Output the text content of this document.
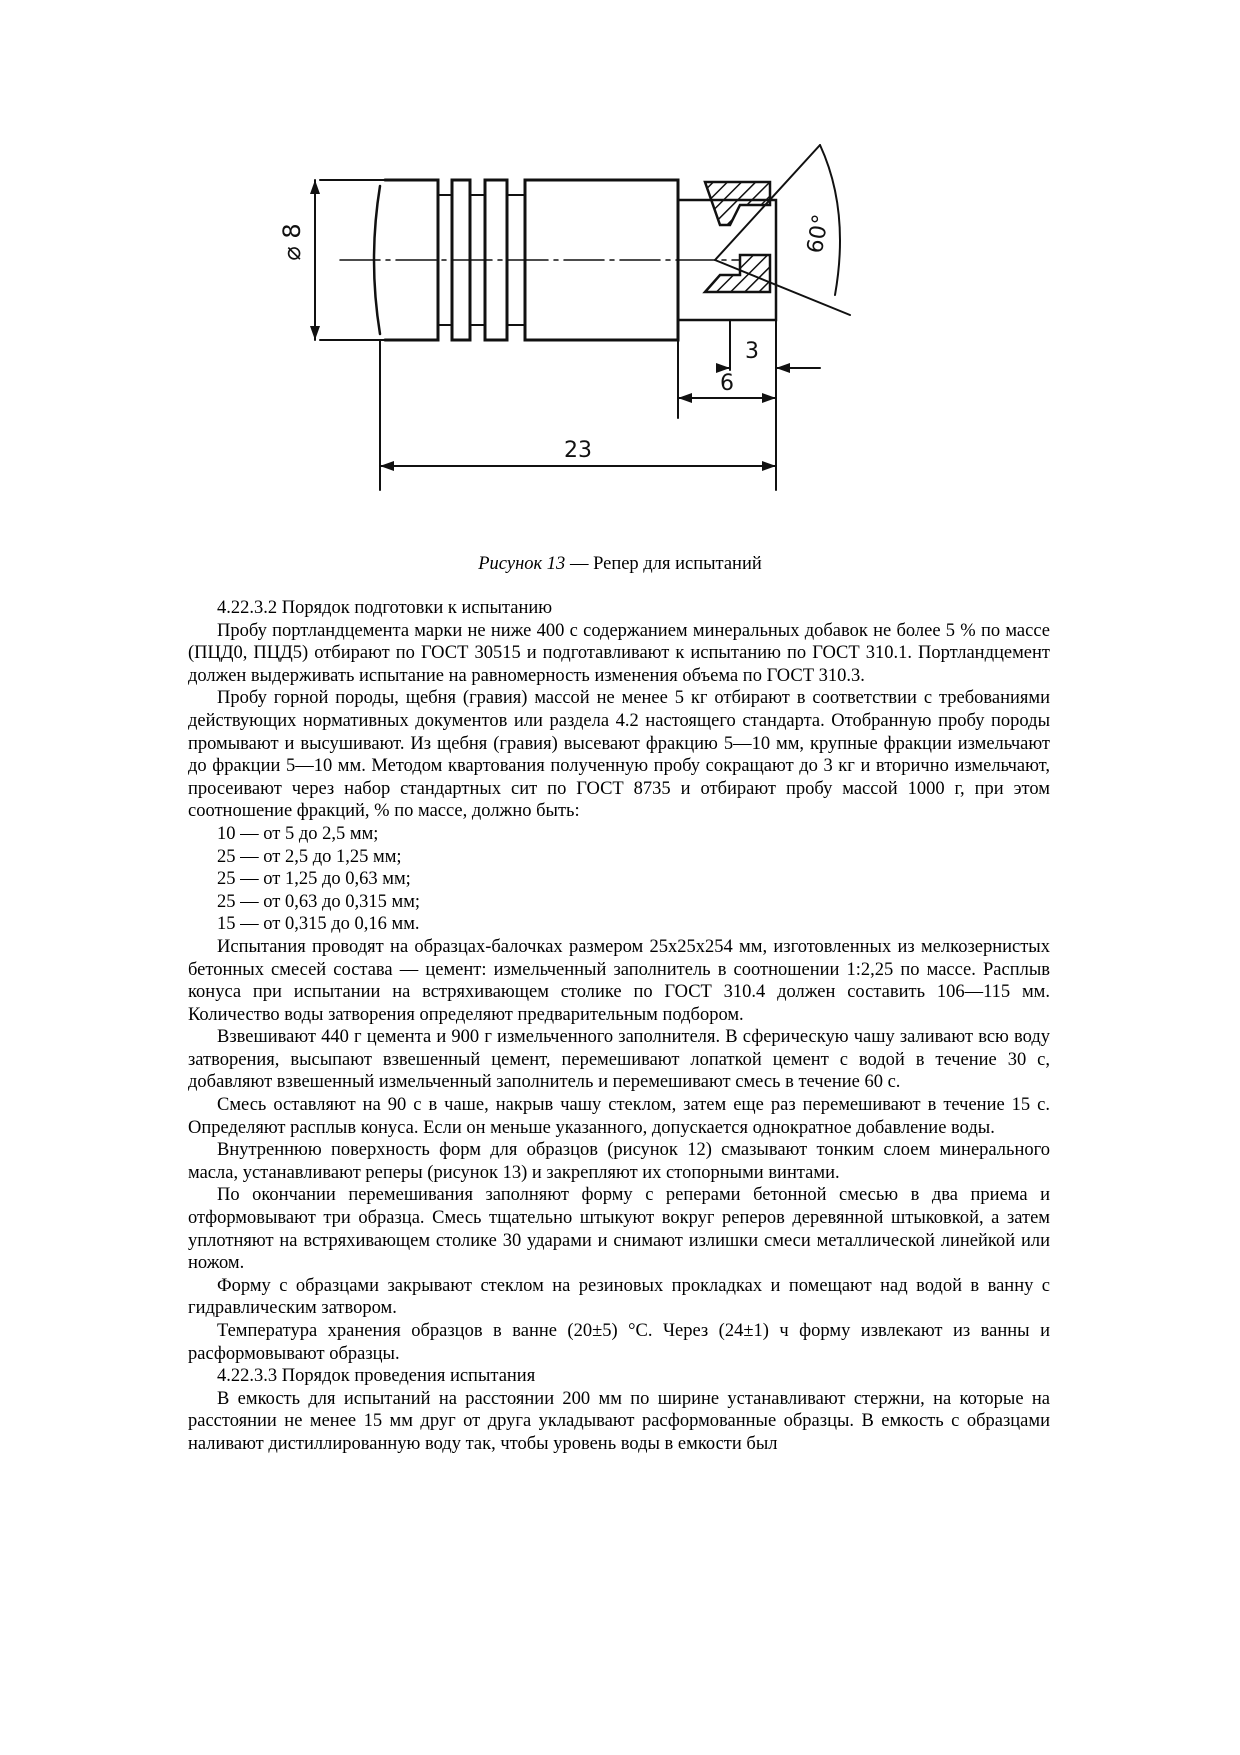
⌀ 8	60°
3
6
23
Рисунок 13 — Репер для испытаний

4.22.3.2 Порядок подготовки к испытанию

Пробу портландцемента марки не ниже 400 с содержанием минеральных добавок не более 5 % по массе (ПЦД0, ПЦД5) отбирают по ГОСТ 30515 и подготавливают к испытанию по ГОСТ 310.1. Портландцемент должен выдерживать испытание на равномерность изменения объема по ГОСТ 310.3.

Пробу горной породы, щебня (гравия) массой не менее 5 кг отбирают в соответствии с требованиями действующих нормативных документов или раздела 4.2 настоящего стандарта. Отобранную пробу породы промывают и высушивают. Из щебня (гравия) высевают фракцию 5—10 мм, крупные фракции измельчают до фракции 5—10 мм. Методом квартования полученную пробу сокращают до 3 кг и вторично измельчают, просеивают через набор стандартных сит по ГОСТ 8735 и отбирают пробу массой 1000 г, при этом соотношение фракций, % по массе, должно быть:

10 — от 5 до 2,5 мм;

25 — от 2,5 до 1,25 мм;

25 — от 1,25 до 0,63 мм;

25 — от 0,63 до 0,315 мм;

15 — от 0,315 до 0,16 мм.

Испытания проводят на образцах-балочках размером 25х25х254 мм, изготовленных из мелкозернистых бетонных смесей состава — цемент: измельченный заполнитель в соотношении 1:2,25 по массе. Расплыв конуса при испытании на встряхивающем столике по ГОСТ 310.4 должен составить 106—115 мм. Количество воды затворения определяют предварительным подбором.

Взвешивают 440 г цемента и 900 г измельченного заполнителя. В сферическую чашу заливают всю воду затворения, высыпают взвешенный цемент, перемешивают лопаткой цемент с водой в течение 30 с, добавляют взвешенный измельченный заполнитель и перемешивают смесь в течение 60 с.

Смесь оставляют на 90 с в чаше, накрыв чашу стеклом, затем еще раз перемешивают в течение 15 с. Определяют расплыв конуса. Если он меньше указанного, допускается однократное добавление воды.

Внутреннюю поверхность форм для образцов (рисунок 12) смазывают тонким слоем минерального масла, устанавливают реперы (рисунок 13) и закрепляют их стопорными винтами.

По окончании перемешивания заполняют форму с реперами бетонной смесью в два приема и отформовывают три образца. Смесь тщательно штыкуют вокруг реперов деревянной штыковкой, а затем уплотняют на встряхивающем столике 30 ударами и снимают излишки смеси металлической линейкой или ножом.

Форму с образцами закрывают стеклом на резиновых прокладках и помещают над водой в ванну с гидравлическим затвором.

Температура хранения образцов в ванне (20±5) °С. Через (24±1) ч форму извлекают из ванны и расформовывают образцы.

4.22.3.3 Порядок проведения испытания

В емкость для испытаний на расстоянии 200 мм по ширине устанавливают стержни, на которые на расстоянии не менее 15 мм друг от друга укладывают расформованные образцы. В емкость с образцами наливают дистиллированную воду так, чтобы уровень воды в емкости был
